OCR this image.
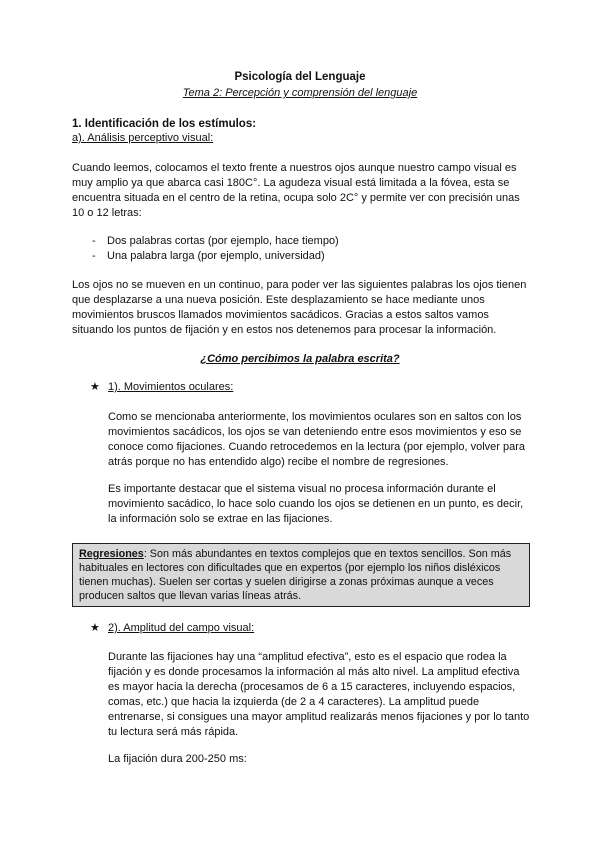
Psicología del Lenguaje
Tema 2: Percepción y comprensión del lenguaje
1. Identificación de los estímulos:
a). Análisis perceptivo visual:

Cuando leemos, colocamos el texto frente a nuestros ojos aunque nuestro campo visual es muy amplio ya que abarca casi 180C°. La agudeza visual está limitada a la fóvea, esta se encuentra situada en el centro de la retina, ocupa solo 2C° y permite ver con precisión unas 10 o 12 letras:

- Dos palabras cortas (por ejemplo, hace tiempo)
- Una palabra larga (por ejemplo, universidad)

Los ojos no se mueven en un continuo, para poder ver las siguientes palabras los ojos tienen que desplazarse a una nueva posición. Este desplazamiento se hace mediante unos movimientos bruscos llamados movimientos sacádicos. Gracias a estos saltos vamos situando los puntos de fijación y en estos nos detenemos para procesar la información.

¿Cómo percibimos la palabra escrita?
★ 1). Movimientos oculares:

Como se mencionaba anteriormente, los movimientos oculares son en saltos con los movimientos sacádicos, los ojos se van deteniendo entre esos movimientos y eso se conoce como fijaciones. Cuando retrocedemos en la lectura (por ejemplo, volver para atrás porque no has entendido algo) recibe el nombre de regresiones.

Es importante destacar que el sistema visual no procesa información durante el movimiento sacádico, lo hace solo cuando los ojos se detienen en un punto, es decir, la información solo se extrae en las fijaciones.

Regresiones: Son más abundantes en textos complejos que en textos sencillos. Son más habituales en lectores con dificultades que en expertos (por ejemplo los niños disléxicos tienen muchas). Suelen ser cortas y suelen dirigirse a zonas próximas aunque a veces producen saltos que llevan varias líneas atrás.
★ 2). Amplitud del campo visual:

Durante las fijaciones hay una “amplitud efectiva”, esto es el espacio que rodea la fijación y es donde procesamos la información al más alto nivel. La amplitud efectiva es mayor hacia la derecha (procesamos de 6 a 15 caracteres, incluyendo espacios, comas, etc.) que hacia la izquierda (de 2 a 4 caracteres). La amplitud puede entrenarse, si consigues una mayor amplitud realizarás menos fijaciones y por lo tanto tu lectura será más rápida.

La fijación dura 200-250 ms:
